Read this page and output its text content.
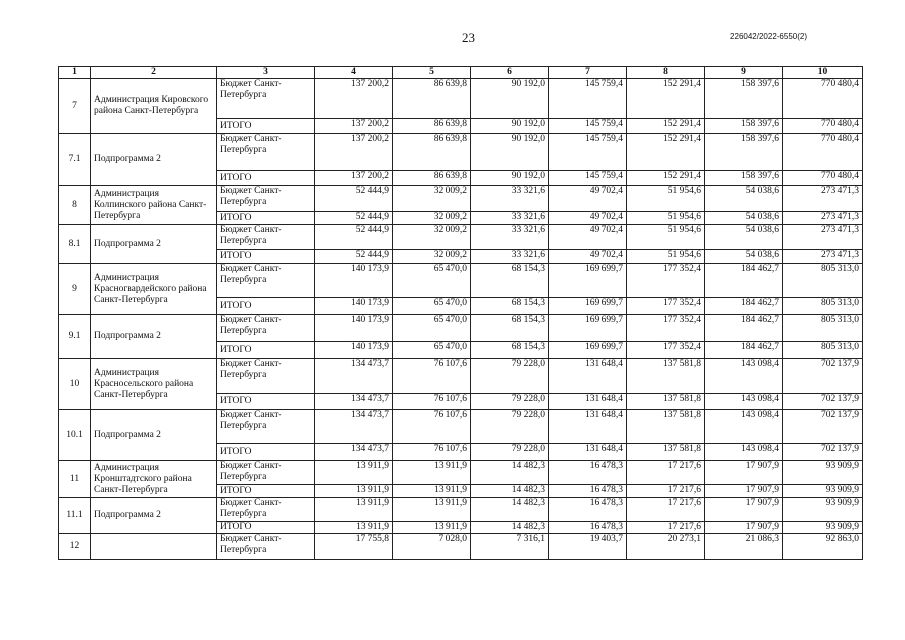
23	226042/2022-6550(2)
1	2	3	4	5	6	7	8	9	10
7	Администрация Кировского района Санкт-Петербурга	Бюджет Санкт-Петербурга	137 200,2	86 639,8	90 192,0	145 759,4	152 291,4	158 397,6	770 480,4
		ИТОГО	137 200,2	86 639,8	90 192,0	145 759,4	152 291,4	158 397,6	770 480,4
7.1	Подпрограмма 2	Бюджет Санкт-Петербурга	137 200,2	86 639,8	90 192,0	145 759,4	152 291,4	158 397,6	770 480,4
		ИТОГО	137 200,2	86 639,8	90 192,0	145 759,4	152 291,4	158 397,6	770 480,4
8	Администрация Колпинского района Санкт-Петербурга	Бюджет Санкт-Петербурга	52 444,9	32 009,2	33 321,6	49 702,4	51 954,6	54 038,6	273 471,3
		ИТОГО	52 444,9	32 009,2	33 321,6	49 702,4	51 954,6	54 038,6	273 471,3
8.1	Подпрограмма 2	Бюджет Санкт-Петербурга	52 444,9	32 009,2	33 321,6	49 702,4	51 954,6	54 038,6	273 471,3
		ИТОГО	52 444,9	32 009,2	33 321,6	49 702,4	51 954,6	54 038,6	273 471,3
9	Администрация Красногвардейского района Санкт-Петербурга	Бюджет Санкт-Петербурга	140 173,9	65 470,0	68 154,3	169 699,7	177 352,4	184 462,7	805 313,0
		ИТОГО	140 173,9	65 470,0	68 154,3	169 699,7	177 352,4	184 462,7	805 313,0
9.1	Подпрограмма 2	Бюджет Санкт-Петербурга	140 173,9	65 470,0	68 154,3	169 699,7	177 352,4	184 462,7	805 313,0
		ИТОГО	140 173,9	65 470,0	68 154,3	169 699,7	177 352,4	184 462,7	805 313,0
10	Администрация Красносельского района Санкт-Петербурга	Бюджет Санкт-Петербурга	134 473,7	76 107,6	79 228,0	131 648,4	137 581,8	143 098,4	702 137,9
		ИТОГО	134 473,7	76 107,6	79 228,0	131 648,4	137 581,8	143 098,4	702 137,9
10.1	Подпрограмма 2	Бюджет Санкт-Петербурга	134 473,7	76 107,6	79 228,0	131 648,4	137 581,8	143 098,4	702 137,9
		ИТОГО	134 473,7	76 107,6	79 228,0	131 648,4	137 581,8	143 098,4	702 137,9
11	Администрация Кронштадтского района Санкт-Петербурга	Бюджет Санкт-Петербурга	13 911,9	13 911,9	14 482,3	16 478,3	17 217,6	17 907,9	93 909,9
		ИТОГО	13 911,9	13 911,9	14 482,3	16 478,3	17 217,6	17 907,9	93 909,9
11.1	Подпрограмма 2	Бюджет Санкт-Петербурга	13 911,9	13 911,9	14 482,3	16 478,3	17 217,6	17 907,9	93 909,9
		ИТОГО	13 911,9	13 911,9	14 482,3	16 478,3	17 217,6	17 907,9	93 909,9
12		Бюджет Санкт-Петербурга	17 755,8	7 028,0	7 316,1	19 403,7	20 273,1	21 086,3	92 863,0
